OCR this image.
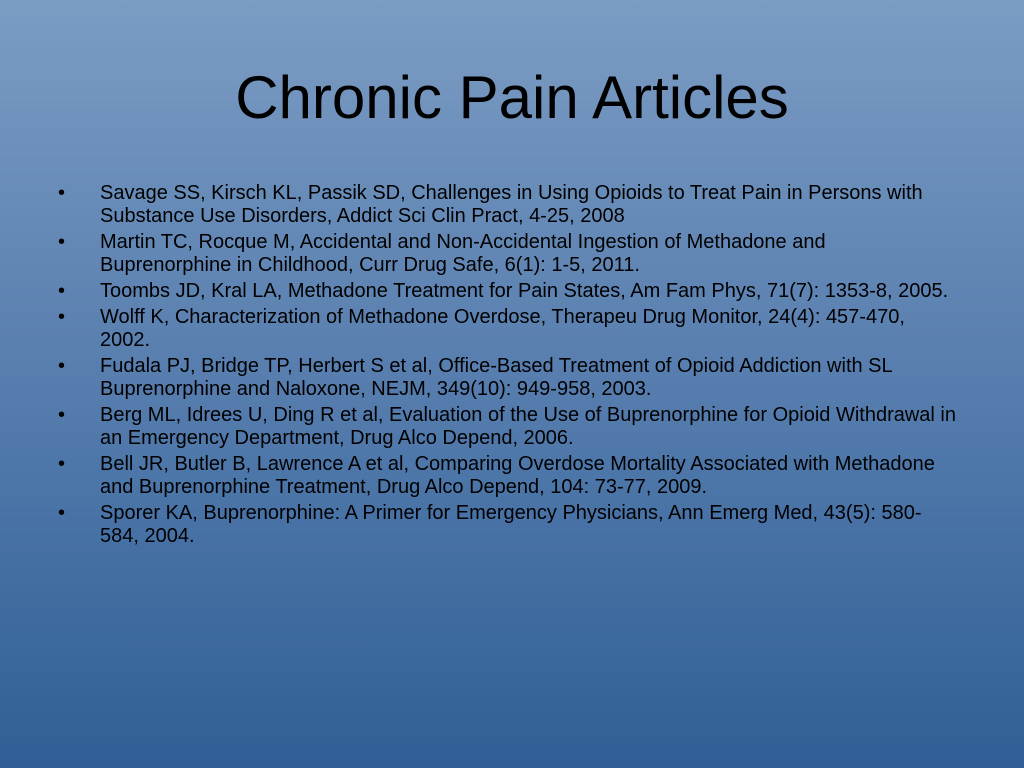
Chronic Pain Articles
•	Savage SS, Kirsch KL, Passik SD, Challenges in Using Opioids to Treat Pain in Persons with Substance Use Disorders, Addict Sci Clin Pract, 4-25, 2008
•	Martin TC, Rocque M, Accidental and Non-Accidental Ingestion of Methadone and Buprenorphine in Childhood, Curr Drug Safe, 6(1): 1-5, 2011.
•	Toombs JD, Kral LA, Methadone Treatment for Pain States, Am Fam Phys, 71(7): 1353-8, 2005.
•	Wolff K, Characterization of Methadone Overdose, Therapeu Drug Monitor, 24(4): 457-470, 2002.
•	Fudala PJ, Bridge TP, Herbert S et al, Office-Based Treatment of Opioid Addiction with SL Buprenorphine and Naloxone, NEJM, 349(10): 949-958, 2003.
•	Berg ML, Idrees U, Ding R et al, Evaluation of the Use of Buprenorphine for Opioid Withdrawal in an Emergency Department, Drug Alco Depend, 2006.
•	Bell JR, Butler B, Lawrence A et al, Comparing Overdose Mortality Associated with Methadone and Buprenorphine Treatment, Drug Alco Depend, 104: 73-77, 2009.
•	Sporer KA, Buprenorphine: A Primer for Emergency Physicians, Ann Emerg Med, 43(5): 580-584, 2004.
